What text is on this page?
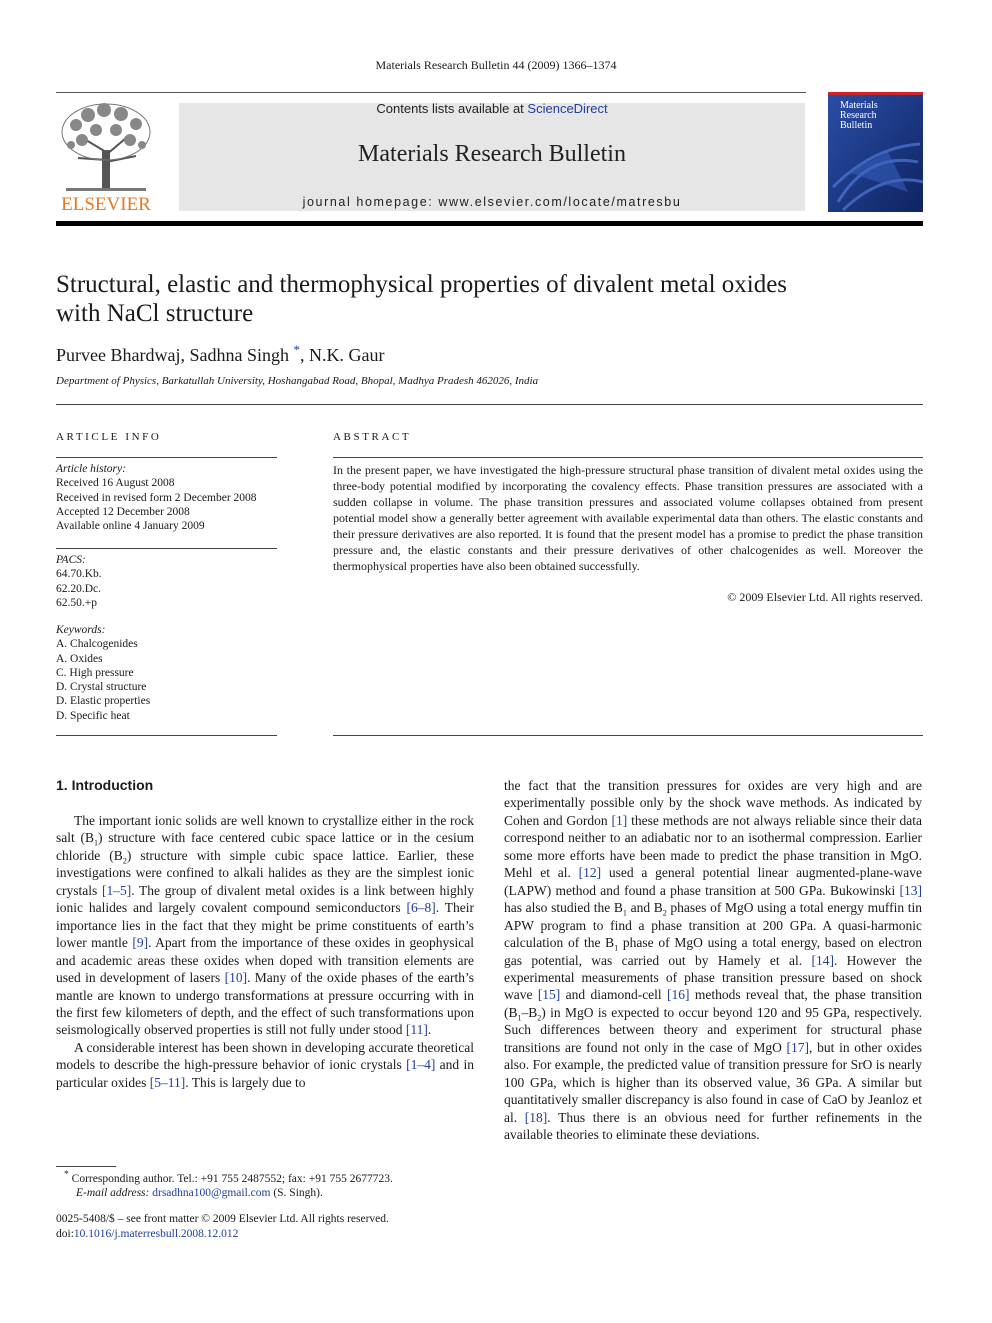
Materials Research Bulletin 44 (2009) 1366–1374
ELSEVIER
Contents lists available at ScienceDirect
Materials Research Bulletin
journal homepage: www.elsevier.com/locate/matresbu
Materials
Research
Bulletin
Structural, elastic and thermophysical properties of divalent metal oxides with NaCl structure
Purvee Bhardwaj, Sadhna Singh *, N.K. Gaur
Department of Physics, Barkatullah University, Hoshangabad Road, Bhopal, Madhya Pradesh 462026, India
ARTICLE INFO
Article history:
Received 16 August 2008
Received in revised form 2 December 2008
Accepted 12 December 2008
Available online 4 January 2009
PACS:
64.70.Kb.
62.20.Dc.
62.50.+p
Keywords:
A. Chalcogenides
A. Oxides
C. High pressure
D. Crystal structure
D. Elastic properties
D. Specific heat
ABSTRACT
In the present paper, we have investigated the high-pressure structural phase transition of divalent metal oxides using the three-body potential modified by incorporating the covalency effects. Phase transition pressures are associated with a sudden collapse in volume. The phase transition pressures and associated volume collapses obtained from present potential model show a generally better agreement with available experimental data than others. The elastic constants and their pressure derivatives are also reported. It is found that the present model has a promise to predict the phase transition pressure and, the elastic constants and their pressure derivatives of other chalcogenides as well. Moreover the thermophysical properties have also been obtained successfully.
© 2009 Elsevier Ltd. All rights reserved.
1. Introduction

The important ionic solids are well known to crystallize either in the rock salt $(B_1)$ structure with face centered cubic space lattice or in the cesium chloride $(B_2)$ structure with simple cubic space lattice. Earlier, these investigations were confined to alkali halides as they are the simplest ionic crystals [1–5]. The group of divalent metal oxides is a link between highly ionic halides and largely covalent compound semiconductors [6–8]. Their importance lies in the fact that they might be prime constituents of earth’s lower mantle [9]. Apart from the importance of these oxides in geophysical and academic areas these oxides when doped with transition elements are used in development of lasers [10]. Many of the oxide phases of the earth’s mantle are known to undergo transformations at pressure occurring with in the first few kilometers of depth, and the effect of such transformations upon seismologically observed properties is still not fully under stood [11].

A considerable interest has been shown in developing accurate theoretical models to describe the high-pressure behavior of ionic crystals [1–4] and in particular oxides [5–11]. This is largely due to

the fact that the transition pressures for oxides are very high and are experimentally possible only by the shock wave methods. As indicated by Cohen and Gordon [1] these methods are not always reliable since their data correspond neither to an adiabatic nor to an isothermal compression. Earlier some more efforts have been made to predict the phase transition in MgO. Mehl et al. [12] used a general potential linear augmented-plane-wave (LAPW) method and found a phase transition at 500 GPa. Bukowinski [13] has also studied the $B_1$ and $B_2$ phases of MgO using a total energy muffin tin APW program to find a phase transition at 200 GPa. A quasi-harmonic calculation of the $B_1$ phase of MgO using a total energy, based on electron gas potential, was carried out by Hamely et al. [14]. However the experimental measurements of phase transition pressure based on shock wave [15] and diamond-cell [16] methods reveal that, the phase transition $(B_1-B_2)$ in MgO is expected to occur beyond 120 and 95 GPa, respectively. Such differences between theory and experiment for structural phase transitions are found not only in the case of MgO [17], but in other oxides also. For example, the predicted value of transition pressure for SrO is nearly 100 GPa, which is higher than its observed value, 36 GPa. A similar but quantitatively smaller discrepancy is also found in case of CaO by Jeanloz et al. [18]. Thus there is an obvious need for further refinements in the available theories to eliminate these deviations.

* Corresponding author. Tel.: +91 755 2487552; fax: +91 755 2677723.
E-mail address: drsadhna100@gmail.com (S. Singh).
0025-5408/$ – see front matter © 2009 Elsevier Ltd. All rights reserved.
doi:10.1016/j.materresbull.2008.12.012
